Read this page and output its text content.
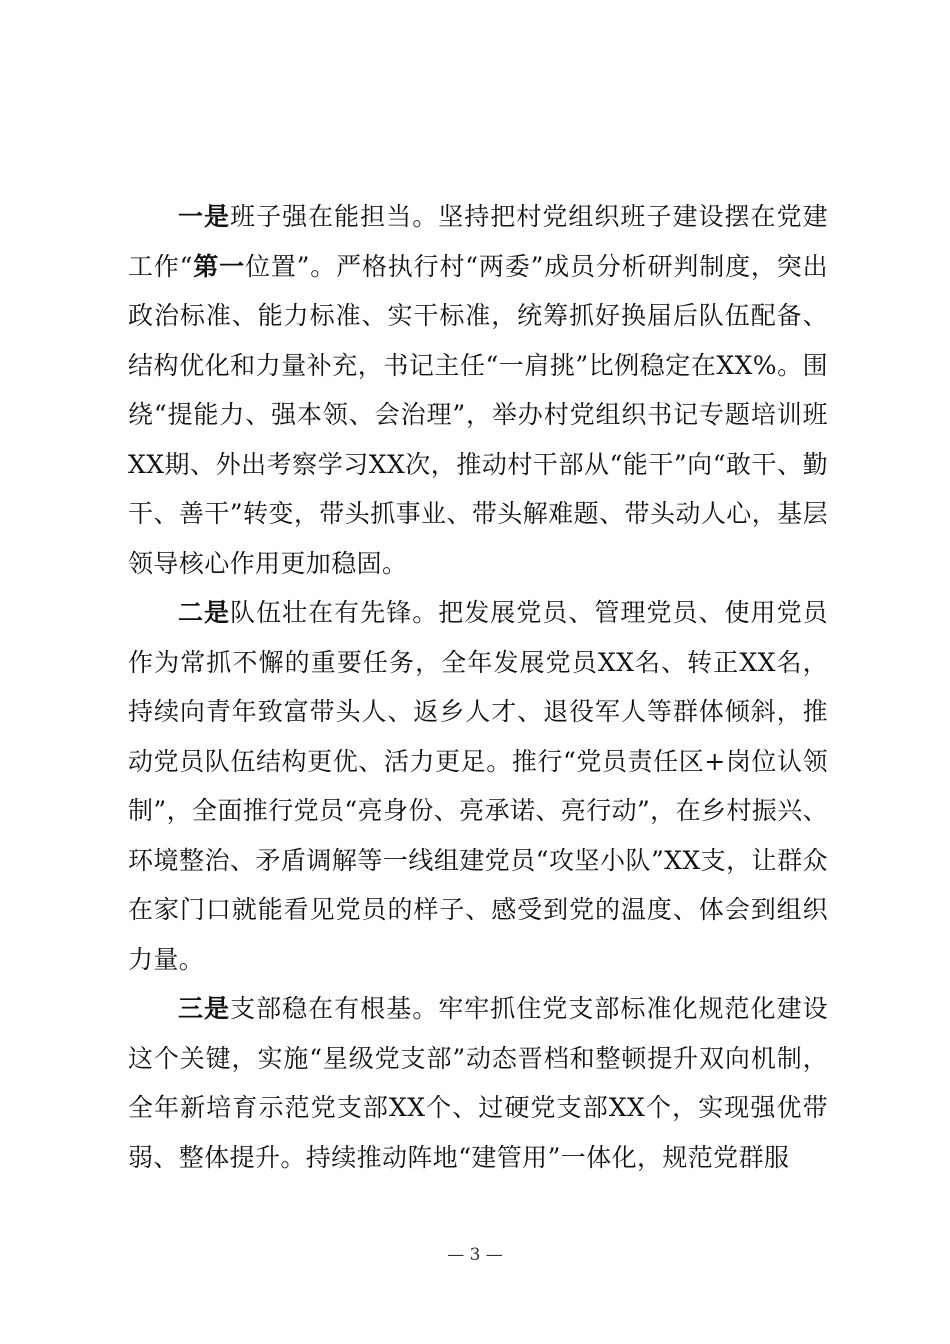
一是班子强在能担当。坚持把村党组织班子建设摆在党建工作“第一位置”。严格执行村“两委”成员分析研判制度，突出政治标准、能力标准、实干标准，统筹抓好换届后队伍配备、结构优化和力量补充，书记主任“一肩挑”比例稳定在XX%。围绕“提能力、强本领、会治理”，举办村党组织书记专题培训班XX期、外出考察学习XX次，推动村干部从“能干”向“敢干、勤干、善干”转变，带头抓事业、带头解难题、带头动人心，基层领导核心作用更加稳固。

二是队伍壮在有先锋。把发展党员、管理党员、使用党员作为常抓不懈的重要任务，全年发展党员XX名、转正XX名，持续向青年致富带头人、返乡人才、退役军人等群体倾斜，推动党员队伍结构更优、活力更足。推行“党员责任区+岗位认领制”，全面推行党员“亮身份、亮承诺、亮行动”，在乡村振兴、环境整治、矛盾调解等一线组建党员“攻坚小队”XX支，让群众在家门口就能看见党员的样子、感受到党的温度、体会到组织力量。

三是支部稳在有根基。牢牢抓住党支部标准化规范化建设这个关键，实施“星级党支部”动态晋档和整顿提升双向机制，全年新培育示范党支部XX个、过硬党支部XX个，实现强优带弱、整体提升。持续推动阵地“建管用”一体化，规范党群服

— 3 —
